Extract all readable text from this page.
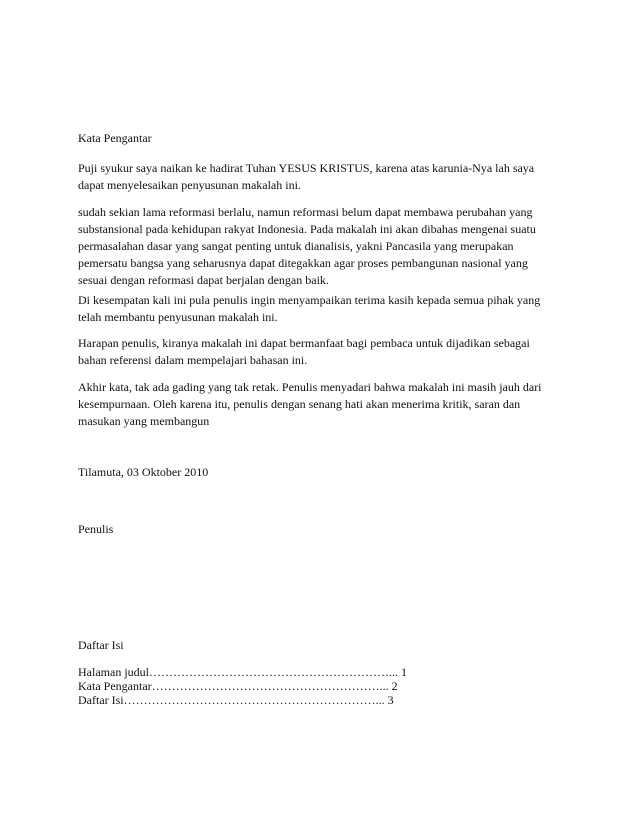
Kata Pengantar
Puji syukur saya naikan ke hadirat Tuhan YESUS KRISTUS, karena atas karunia-Nya lah saya
dapat menyelesaikan penyusunan makalah ini.
sudah sekian lama reformasi berlalu, namun reformasi belum dapat membawa perubahan yang
substansional pada kehidupan rakyat Indonesia. Pada makalah ini akan dibahas mengenai suatu
permasalahan dasar yang sangat penting untuk dianalisis, yakni Pancasila yang merupakan
pemersatu bangsa yang seharusnya dapat ditegakkan agar proses pembangunan nasional yang
sesuai dengan reformasi dapat berjalan dengan baik.
Di kesempatan kali ini pula penulis ingin menyampaikan terima kasih kepada semua pihak yang
telah membantu penyusunan makalah ini.
Harapan penulis, kiranya makalah ini dapat bermanfaat bagi pembaca untuk dijadikan sebagai
bahan referensi dalam mempelajari bahasan ini.
Akhir kata, tak ada gading yang tak retak. Penulis menyadari bahwa makalah ini masih jauh dari
kesempurnaan. Oleh karena itu, penulis dengan senang hati akan menerima kritik, saran dan
masukan yang membangun
Tilamuta, 03 Oktober 2010
Penulis
Daftar Isi
Halaman judul……………………………………………………... 1
Kata Pengantar…………………………………………………... 2
Daftar Isi………………………………………………………... 3
